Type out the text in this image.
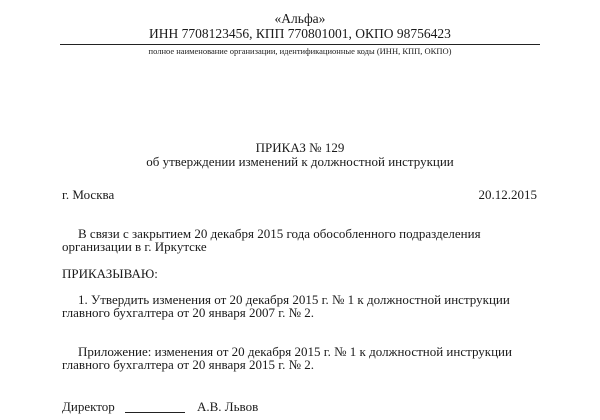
«Альфа»
ИНН 7708123456, КПП 770801001, ОКПО 98756423
полное наименование организации, идентификационные коды (ИНН, КПП, ОКПО)
ПРИКАЗ № 129
об утверждении изменений к должностной инструкции
г. Москва	20.12.2015
В связи с закрытием 20 декабря 2015 года обособленного подразделения организации в г. Иркутске
ПРИКАЗЫВАЮ:
1. Утвердить изменения от 20 декабря 2015 г. № 1 к должностной инструкции главного бухгалтера от 20 января 2007 г. № 2.
Приложение: изменения от 20 декабря 2015 г. № 1 к должностной инструкции главного бухгалтера от 20 января 2015 г. № 2.
Директор	А.В. Львов
